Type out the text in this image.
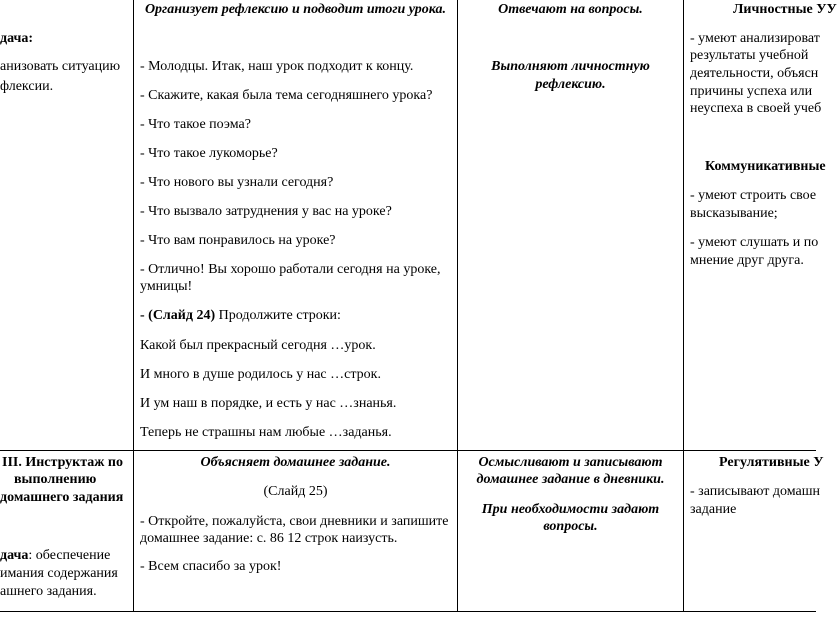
дача:
анизовать ситуацию
флексии.
Организует рефлексию и подводит итоги урока.
- Молодцы. Итак, наш урок подходит к концу.
- Скажите, какая была тема сегодняшнего урока?
- Что такое поэма?
- Что такое лукоморье?
- Что нового вы узнали сегодня?
- Что вызвало затруднения у вас на уроке?
- Что вам понравилось на уроке?
- Отлично! Вы хорошо работали сегодня на уроке,
умницы!
- (Слайд 24) Продолжите строки:
Какой был прекрасный сегодня …урок.
И много в душе родилось у нас …строк.
И ум наш в порядке, и есть у нас …знанья.
Теперь не страшны нам любые …заданья.
Отвечают на вопросы.
Выполняют личностную
рефлексию.
Личностные УУ
- умеют анализироват
результаты учебной
деятельности, объясн
причины успеха или
неуспеха в своей учеб
Коммуникативные
- умеют строить свое
высказывание;
- умеют слушать и по
мнение друг друга.
III. Инструктаж по
выполнению
домашнего задания
дача: обеспечение
имания содержания
ашнего задания.
Объясняет домашнее задание.
(Слайд 25)
- Откройте, пожалуйста, свои дневники и запишите
домашнее задание: с. 86 12 строк наизусть.
- Всем спасибо за урок!
Осмысливают и записывают
домашнее задание в дневники.
При необходимости задают
вопросы.
Регулятивные У
- записывают домашн
задание
